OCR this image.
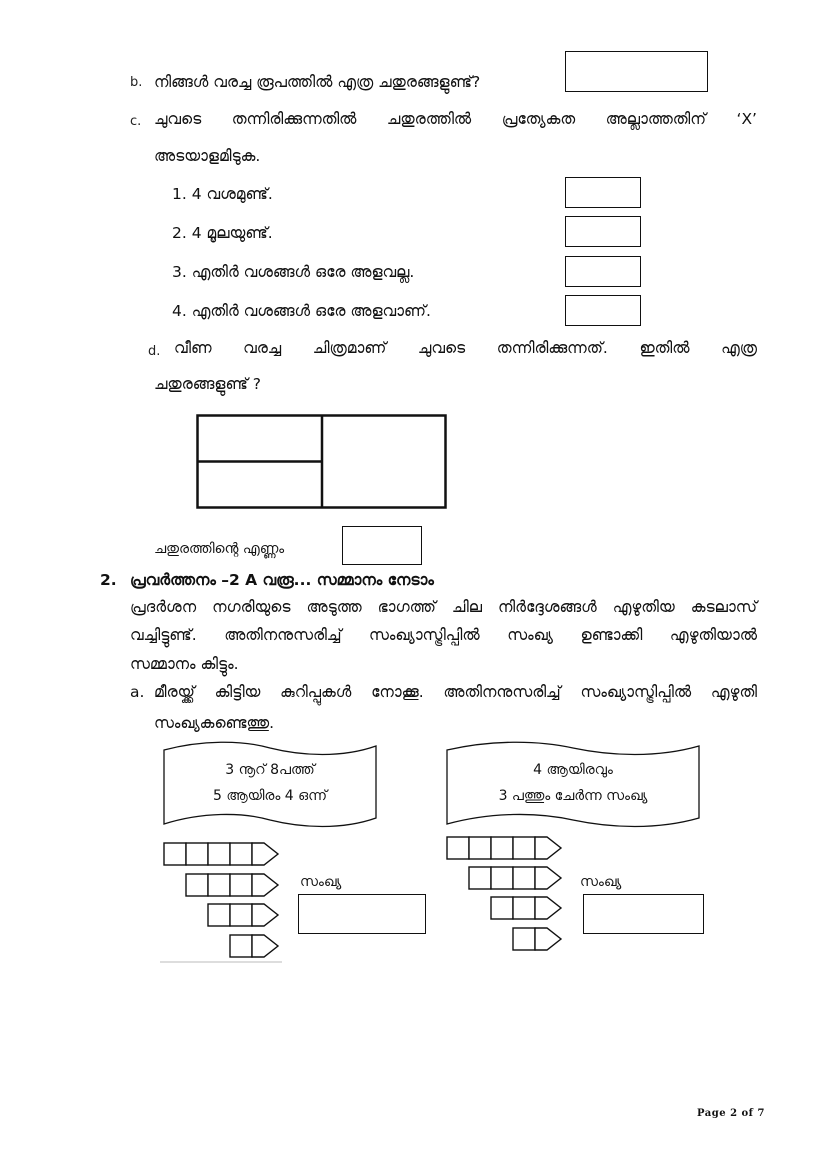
b. നിങ്ങൾ വരച്ച രൂപത്തിൽ എത്ര ചതുരങ്ങളുണ്ട്?
c. ചുവടെ തന്നിരിക്കുന്നതിൽ ചതുരത്തിൽ പ്രത്യേകത അല്ലാത്തതിന് ‘X’
അടയാളമിടുക.
1. 4 വശമുണ്ട്.
2. 4 മൂലയുണ്ട്.
3. എതിർ വശങ്ങൾ ഒരേ അളവല്ല.
4. എതിർ വശങ്ങൾ ഒരേ അളവാണ്.
d. വീണ വരച്ച ചിത്രമാണ് ചുവടെ തന്നിരിക്കുന്നത്. ഇതിൽ എത്ര
ചതുരങ്ങളുണ്ട് ?
ചതുരത്തിന്റെ എണ്ണം
2. പ്രവർത്തനം –2 A വരൂ... സമ്മാനം നേടാം
പ്രദർശന നഗരിയുടെ അടുത്ത ഭാഗത്ത് ചില നിർദ്ദേശങ്ങൾ എഴുതിയ കടലാസ്
വച്ചിട്ടുണ്ട്. അതിനനുസരിച്ച് സംഖ്യാസ്ട്രിപ്പിൽ സംഖ്യ ഉണ്ടാക്കി എഴുതിയാൽ
സമ്മാനം കിട്ടും.
a. മീരയ്ക്ക് കിട്ടിയ കുറിപ്പുകൾ നോക്കൂ. അതിനനുസരിച്ച് സംഖ്യാസ്ട്രിപ്പിൽ എഴുതി
സംഖ്യകണ്ടെത്തു.
3 നൂറ് 8പത്ത്
5 ആയിരം 4 ഒന്ന്
4 ആയിരവും
3 പത്തും ചേർന്ന സംഖ്യ
സംഖ്യ	സംഖ്യ
Page 2 of 7
